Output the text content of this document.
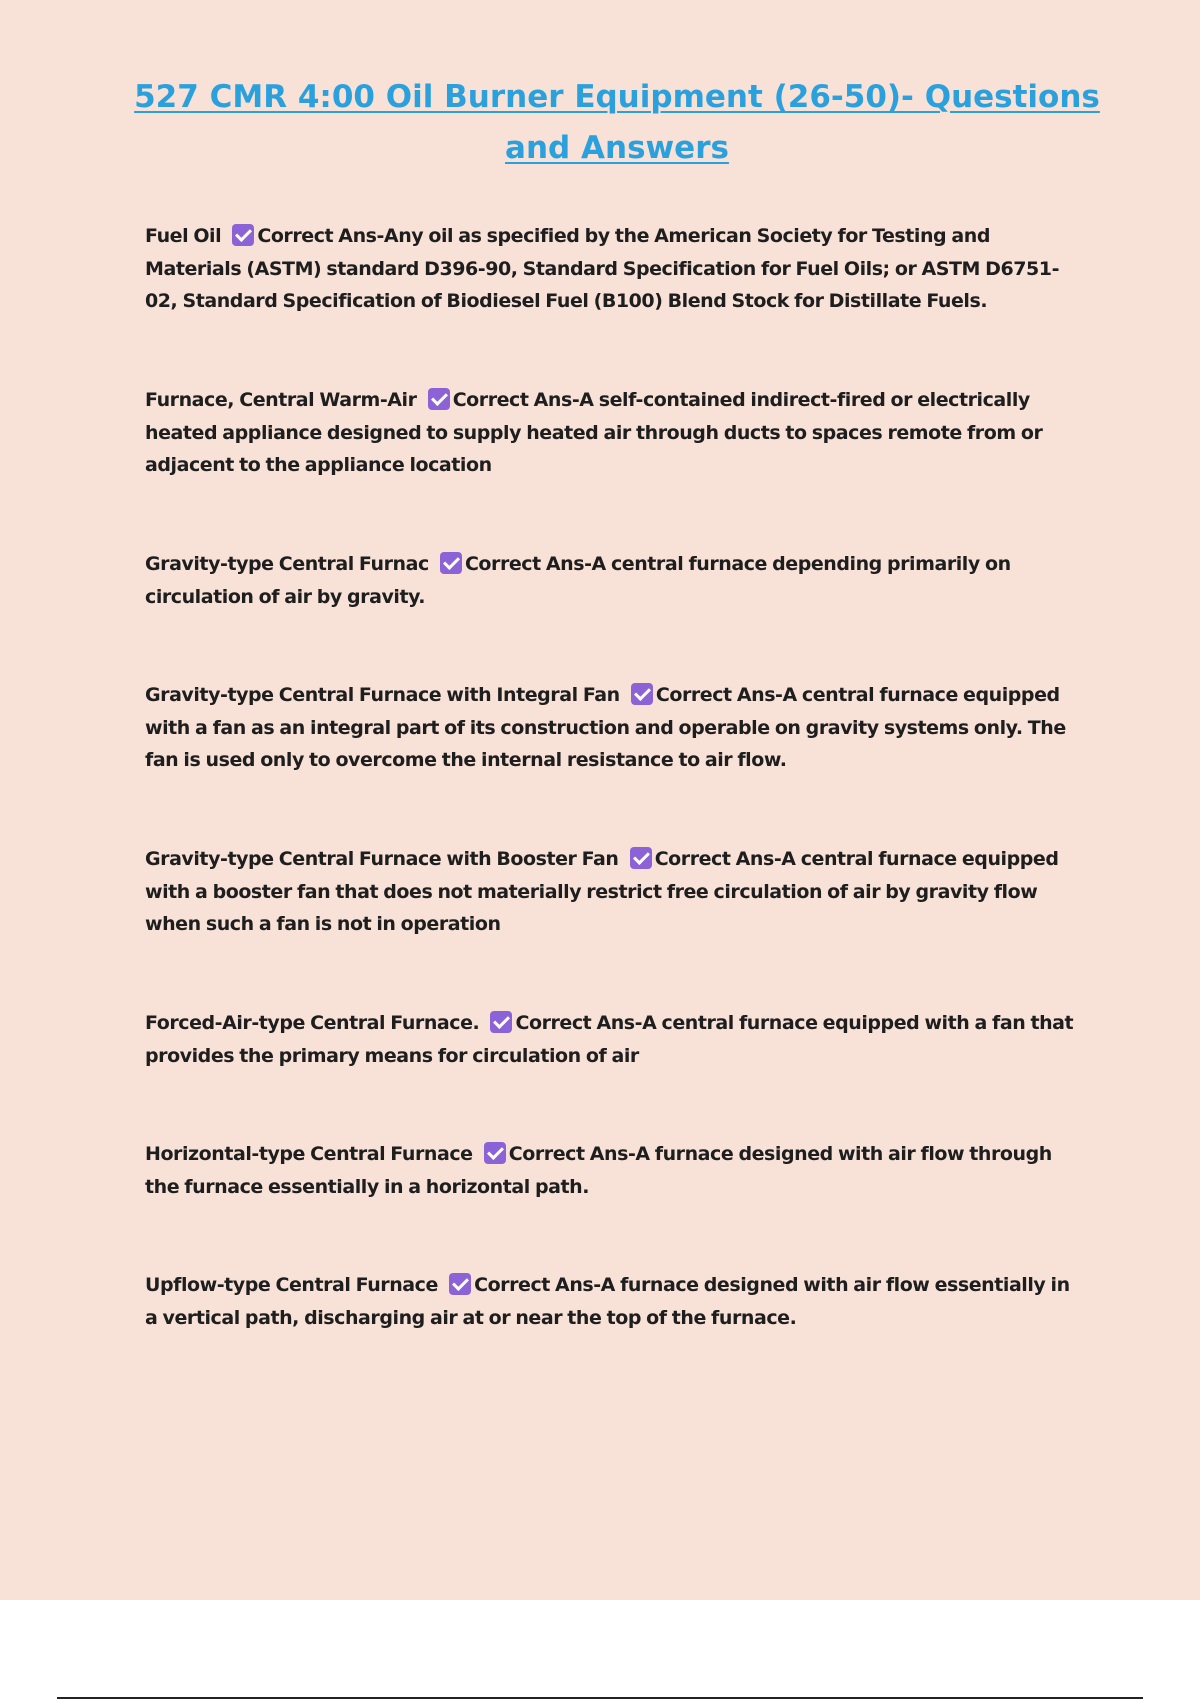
527 CMR 4:00 Oil Burner Equipment (26-50)- Questions and Answers

Fuel Oil Correct Ans-Any oil as specified by the American Society for Testing and Materials (ASTM) standard D396-90, Standard Specification for Fuel Oils; or ASTM D6751-02, Standard Specification of Biodiesel Fuel (B100) Blend Stock for Distillate Fuels.

Furnace, Central Warm-Air Correct Ans-A self-contained indirect-fired or electrically heated appliance designed to supply heated air through ducts to spaces remote from or adjacent to the appliance location

Gravity-type Central Furnac Correct Ans-A central furnace depending primarily on circulation of air by gravity.

Gravity-type Central Furnace with Integral Fan Correct Ans-A central furnace equipped with a fan as an integral part of its construction and operable on gravity systems only. The fan is used only to overcome the internal resistance to air flow.

Gravity-type Central Furnace with Booster Fan Correct Ans-A central furnace equipped with a booster fan that does not materially restrict free circulation of air by gravity flow when such a fan is not in operation

Forced-Air-type Central Furnace. Correct Ans-A central furnace equipped with a fan that provides the primary means for circulation of air

Horizontal-type Central Furnace Correct Ans-A furnace designed with air flow through the furnace essentially in a horizontal path.

Upflow-type Central Furnace Correct Ans-A furnace designed with air flow essentially in a vertical path, discharging air at or near the top of the furnace.
